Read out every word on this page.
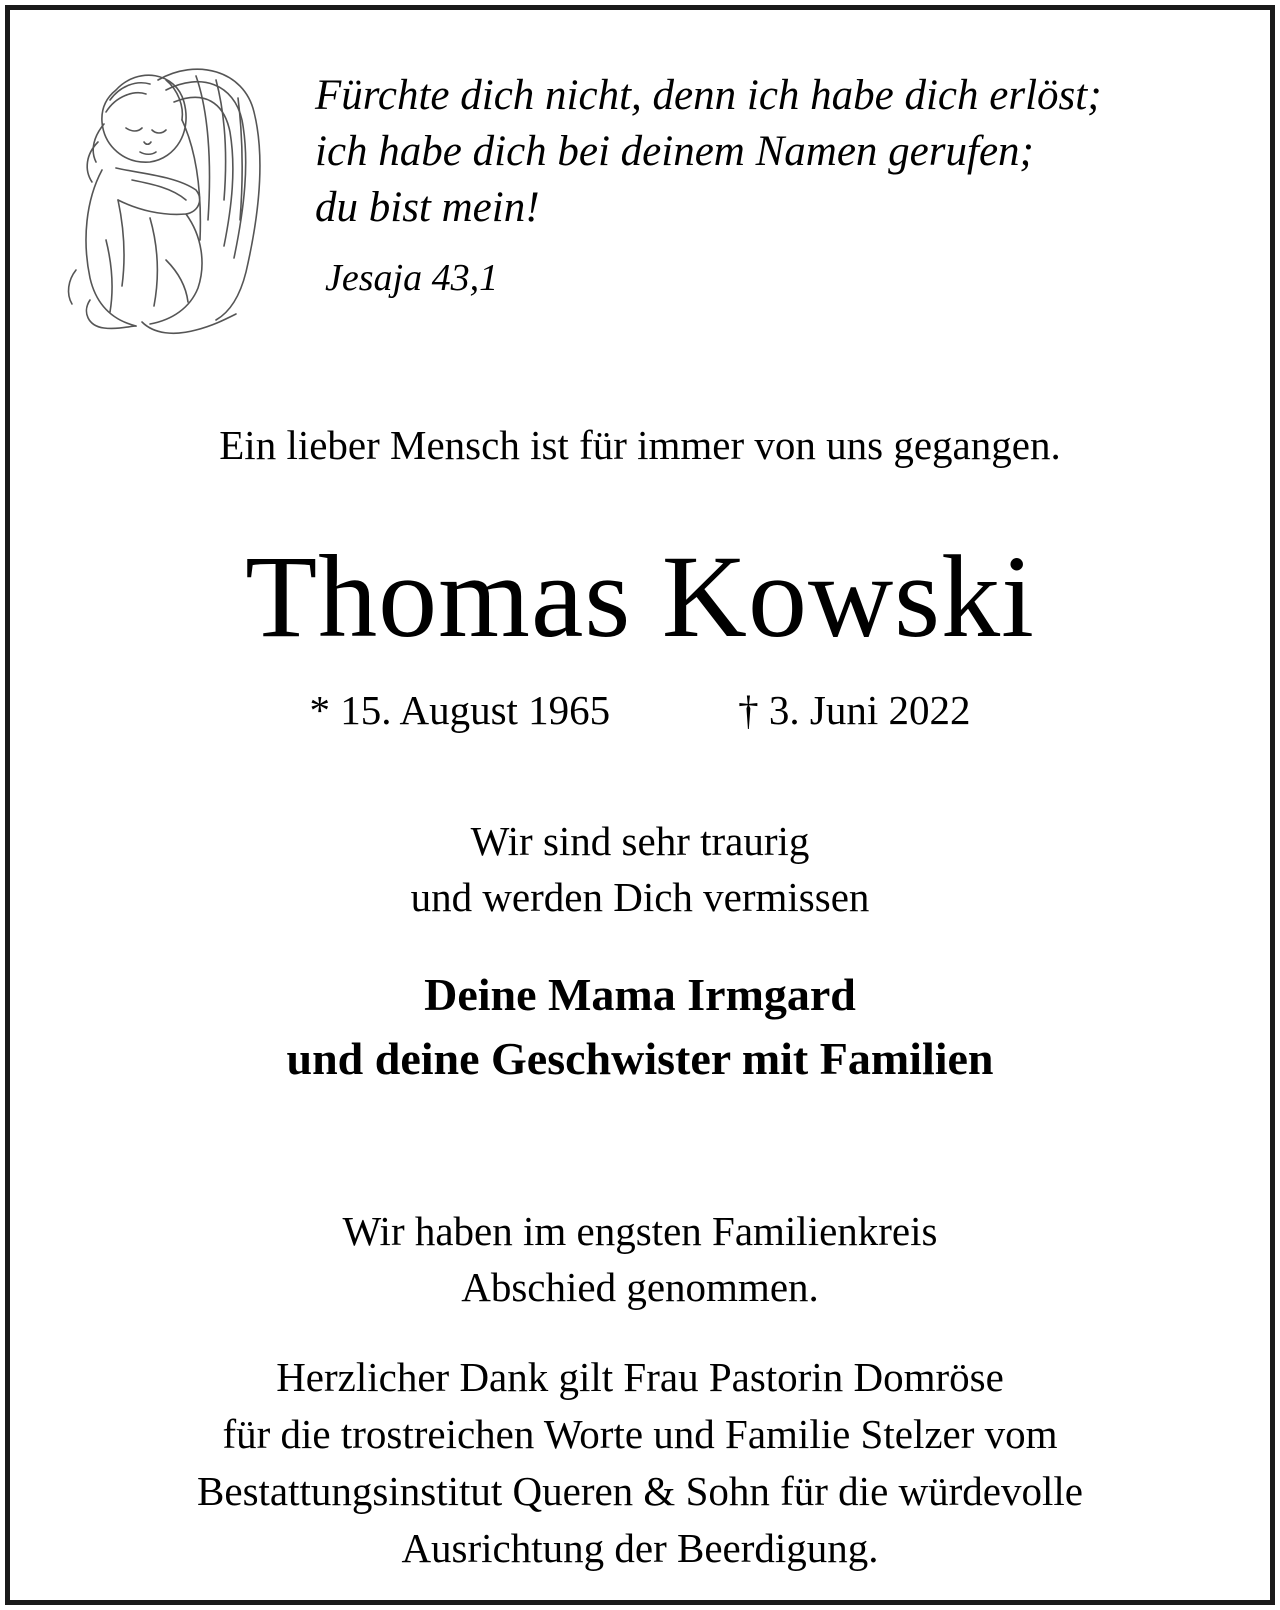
Fürchte dich nicht, denn ich habe dich erlöst;
ich habe dich bei deinem Namen gerufen;
du bist mein!
Jesaja 43,1
Ein lieber Mensch ist für immer von uns gegangen.
Thomas Kowski
* 15. August 1965	† 3. Juni 2022
Wir sind sehr traurig
und werden Dich vermissen
Deine Mama Irmgard
und deine Geschwister mit Familien
Wir haben im engsten Familienkreis
Abschied genommen.
Herzlicher Dank gilt Frau Pastorin Domröse
für die trostreichen Worte und Familie Stelzer vom
Bestattungsinstitut Queren & Sohn für die würdevolle
Ausrichtung der Beerdigung.
